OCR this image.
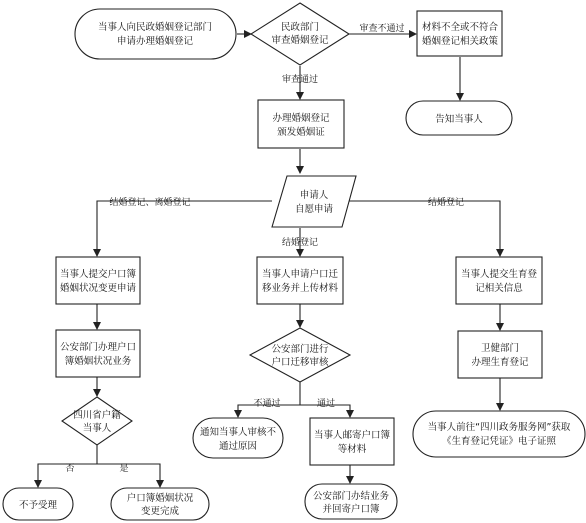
审查不通过
审查通过
结婚登记、离婚登记
结婚登记
结婚登记
不通过	通过
否	是
当事人向民政婚姻登记部门
申请办理婚姻登记
民政部门
审查婚姻登记
材料不全或不符合
婚姻登记相关政策
告知当事人
办理婚姻登记
颁发婚姻证
申请人
自愿申请
当事人提交户口簿
婚姻状况变更申请
当事人申请户口迁
移业务并上传材料
当事人提交生育登
记相关信息
公安部门办理户口
簿婚姻状况业务
公安部门进行
户口迁移审核
卫健部门
办理生育登记
四川省户籍
当事人	通知当事人审核不
通过原因
当事人邮寄户口簿
等材料
当事人前往“四川政务服务网”获取
《生育登记凭证》电子证照
不予受理
户口簿婚姻状况
变更完成
公安部门办结业务
并回寄户口簿
